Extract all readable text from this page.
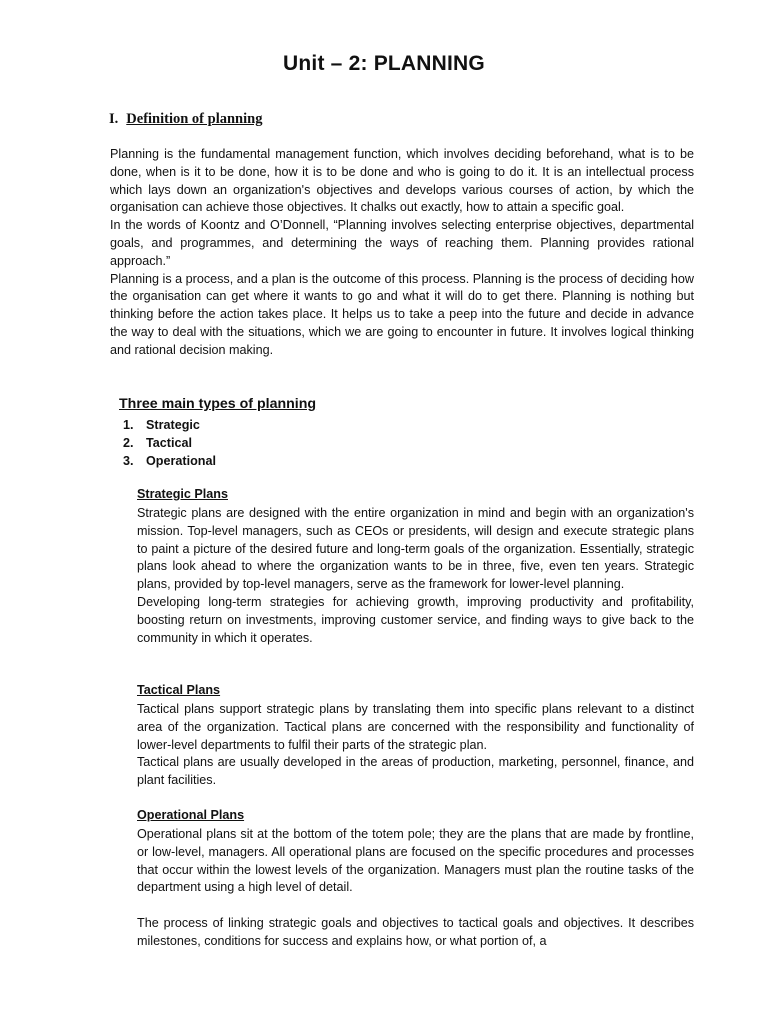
Unit – 2: PLANNING
I. Definition of planning
Planning is the fundamental management function, which involves deciding beforehand, what is to be done, when is it to be done, how it is to be done and who is going to do it. It is an intellectual process which lays down an organization's objectives and develops various courses of action, by which the organisation can achieve those objectives. It chalks out exactly, how to attain a specific goal.
In the words of Koontz and O’Donnell, “Planning involves selecting enterprise objectives, departmental goals, and programmes, and determining the ways of reaching them. Planning provides rational approach.”
Planning is a process, and a plan is the outcome of this process. Planning is the process of deciding how the organisation can get where it wants to go and what it will do to get there. Planning is nothing but thinking before the action takes place. It helps us to take a peep into the future and decide in advance the way to deal with the situations, which we are going to encounter in future. It involves logical thinking and rational decision making.
Three main types of planning
1. Strategic
2. Tactical
3. Operational
Strategic Plans
Strategic plans are designed with the entire organization in mind and begin with an organization's mission. Top-level managers, such as CEOs or presidents, will design and execute strategic plans to paint a picture of the desired future and long-term goals of the organization. Essentially, strategic plans look ahead to where the organization wants to be in three, five, even ten years. Strategic plans, provided by top-level managers, serve as the framework for lower-level planning.
Developing long-term strategies for achieving growth, improving productivity and profitability, boosting return on investments, improving customer service, and finding ways to give back to the community in which it operates.
Tactical Plans
Tactical plans support strategic plans by translating them into specific plans relevant to a distinct area of the organization. Tactical plans are concerned with the responsibility and functionality of lower-level departments to fulfil their parts of the strategic plan.
Tactical plans are usually developed in the areas of production, marketing, personnel, finance, and plant facilities.
Operational Plans
Operational plans sit at the bottom of the totem pole; they are the plans that are made by frontline, or low-level, managers. All operational plans are focused on the specific procedures and processes that occur within the lowest levels of the organization. Managers must plan the routine tasks of the department using a high level of detail.
The process of linking strategic goals and objectives to tactical goals and objectives. It describes milestones, conditions for success and explains how, or what portion of, a
